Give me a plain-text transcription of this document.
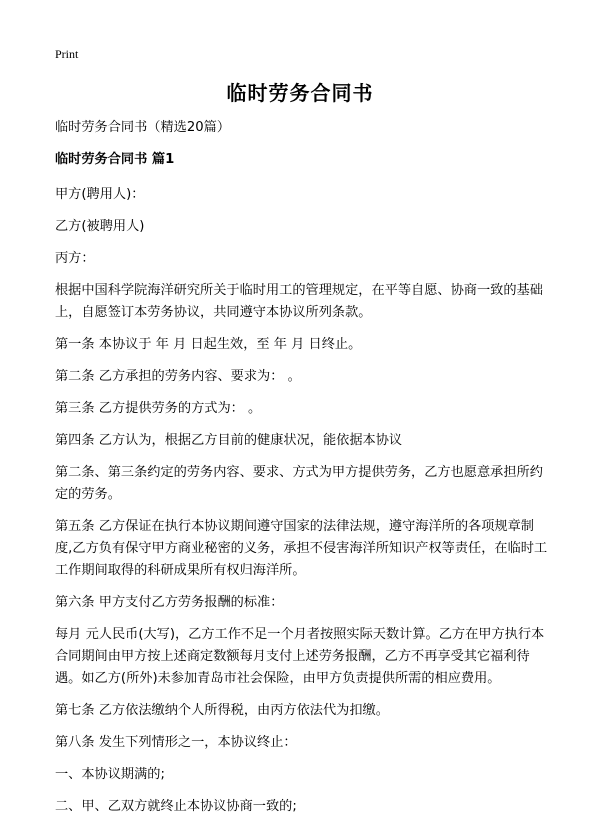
Print
临时劳务合同书

临时劳务合同书（精选20篇）

临时劳务合同书 篇1

甲方(聘用人)：

乙方(被聘用人)

丙方：

根据中国科学院海洋研究所关于临时用工的管理规定，在平等自愿、协商一致的基础上，自愿签订本劳务协议，共同遵守本协议所列条款。

第一条 本协议于 年 月 日起生效，至 年 月 日终止。

第二条 乙方承担的劳务内容、要求为： 。

第三条 乙方提供劳务的方式为： 。

第四条 乙方认为，根据乙方目前的健康状况，能依据本协议

第二条、第三条约定的劳务内容、要求、方式为甲方提供劳务，乙方也愿意承担所约定的劳务。

第五条 乙方保证在执行本协议期间遵守国家的法律法规，遵守海洋所的各项规章制度,乙方负有保守甲方商业秘密的义务，承担不侵害海洋所知识产权等责任，在临时工工作期间取得的科研成果所有权归海洋所。

第六条 甲方支付乙方劳务报酬的标准：

每月 元人民币(大写)，乙方工作不足一个月者按照实际天数计算。乙方在甲方执行本合同期间由甲方按上述商定数额每月支付上述劳务报酬，乙方不再享受其它福利待遇。如乙方(所外)未参加青岛市社会保险，由甲方负责提供所需的相应费用。

第七条 乙方依法缴纳个人所得税，由丙方依法代为扣缴。

第八条 发生下列情形之一，本协议终止：

一、本协议期满的;

二、甲、乙双方就终止本协议协商一致的;
